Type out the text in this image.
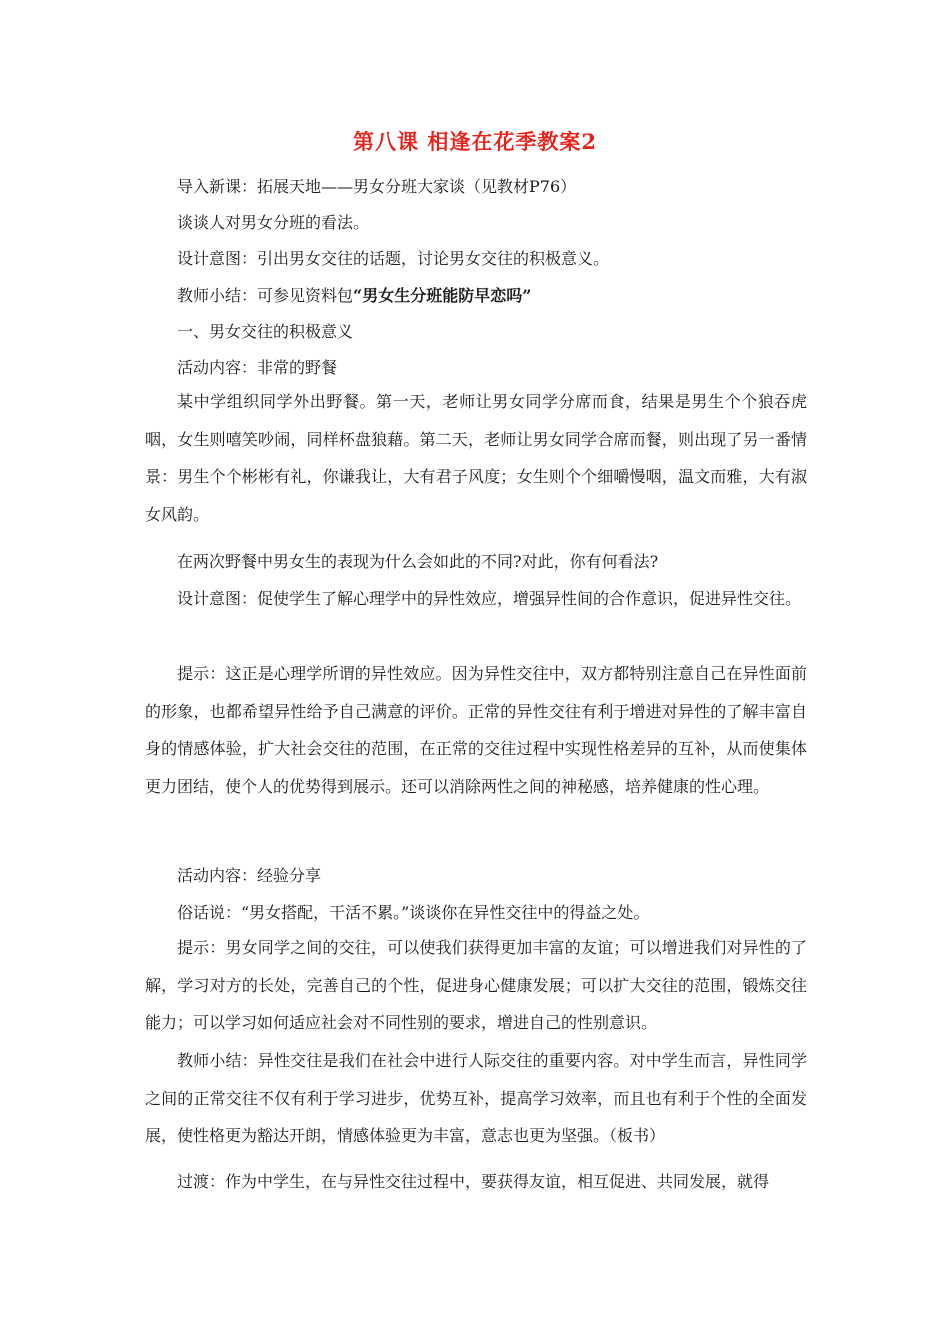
第八课 相逢在花季教案2
导入新课：拓展天地——男女分班大家谈（见教材P76）
谈谈人对男女分班的看法。
设计意图：引出男女交往的话题，讨论男女交往的积极意义。
教师小结：可参见资料包“男女生分班能防早恋吗”
一、男女交往的积极意义
活动内容：非常的野餐
某中学组织同学外出野餐。第一天，老师让男女同学分席而食，结果是男生个个狼吞虎咽，女生则嘻笑吵闹，同样杯盘狼藉。第二天，老师让男女同学合席而餐，则出现了另一番情景：男生个个彬彬有礼，你谦我让，大有君子风度；女生则个个细嚼慢咽，温文而雅，大有淑女风韵。
在两次野餐中男女生的表现为什么会如此的不同?对此，你有何看法?
设计意图：促使学生了解心理学中的异性效应，增强异性间的合作意识，促进异性交往。
提示：这正是心理学所谓的异性效应。因为异性交往中，双方都特别注意自己在异性面前的形象，也都希望异性给予自己满意的评价。正常的异性交往有利于增进对异性的了解丰富自身的情感体验，扩大社会交往的范围，在正常的交往过程中实现性格差异的互补，从而使集体更力团结，使个人的优势得到展示。还可以消除两性之间的神秘感，培养健康的性心理。
活动内容：经验分享
俗话说：“男女搭配，干活不累。”谈谈你在异性交往中的得益之处。
提示：男女同学之间的交往，可以使我们获得更加丰富的友谊；可以增进我们对异性的了解，学习对方的长处，完善自己的个性，促进身心健康发展；可以扩大交往的范围，锻炼交往能力；可以学习如何适应社会对不同性别的要求，增进自己的性别意识。
教师小结：异性交往是我们在社会中进行人际交往的重要内容。对中学生而言，异性同学之间的正常交往不仅有利于学习进步，优势互补，提高学习效率，而且也有利于个性的全面发展，使性格更为豁达开朗，情感体验更为丰富，意志也更为坚强。（板书）
过渡：作为中学生，在与异性交往过程中，要获得友谊，相互促进、共同发展，就得
